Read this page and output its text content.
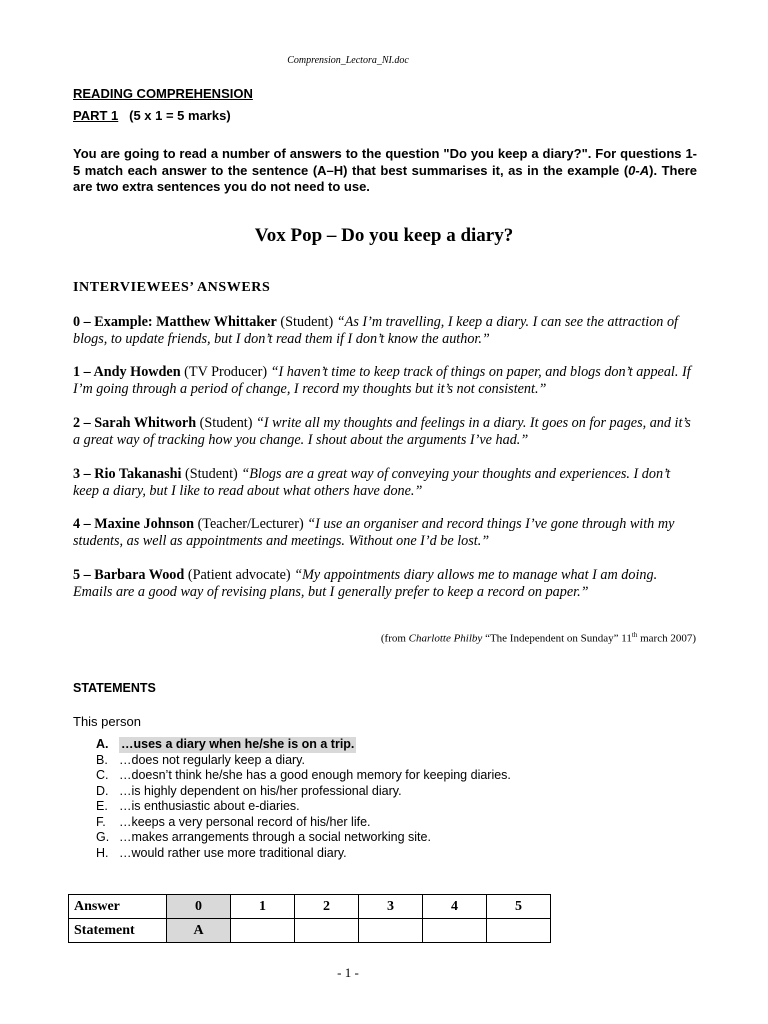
Comprension_Lectora_NI.doc
READING COMPREHENSION
PART 1 (5 x 1 = 5 marks)
You are going to read a number of answers to the question "Do you keep a diary?". For questions 1-5 match each answer to the sentence (A–H) that best summarises it, as in the example (0-A). There are two extra sentences you do not need to use.
Vox Pop – Do you keep a diary?
INTERVIEWEES’ ANSWERS
0 – Example: Matthew Whittaker (Student) “As I’m travelling, I keep a diary. I can see the attraction of blogs, to update friends, but I don’t read them if I don’t know the author.”
1 – Andy Howden (TV Producer) “I haven’t time to keep track of things on paper, and blogs don’t appeal. If I’m going through a period of change, I record my thoughts but it’s not consistent.”
2 – Sarah Whitworh (Student) “I write all my thoughts and feelings in a diary. It goes on for pages, and it’s a great way of tracking how you change. I shout about the arguments I’ve had.”
3 – Rio Takanashi (Student) “Blogs are a great way of conveying your thoughts and experiences. I don’t keep a diary, but I like to read about what others have done.”
4 – Maxine Johnson (Teacher/Lecturer) “I use an organiser and record things I’ve gone through with my students, as well as appointments and meetings. Without one I’d be lost.”
5 – Barbara Wood (Patient advocate) “My appointments diary allows me to manage what I am doing. Emails are a good way of revising plans, but I generally prefer to keep a record on paper.”
(from Charlotte Philby “The Independent on Sunday” 11th march 2007)
STATEMENTS
This person
A.	…uses a diary when he/she is on a trip.
B. …does not regularly keep a diary.
C. …doesn’t think he/she has a good enough memory for keeping diaries.
D. …is highly dependent on his/her professional diary.
E. …is enthusiastic about e-diaries.
F.	…keeps a very personal record of his/her life.
G. …makes arrangements through a social networking site.
H. …would rather use more traditional diary.
Answer	0	1	2	3	4	5
Statement	A					
- 1 -
